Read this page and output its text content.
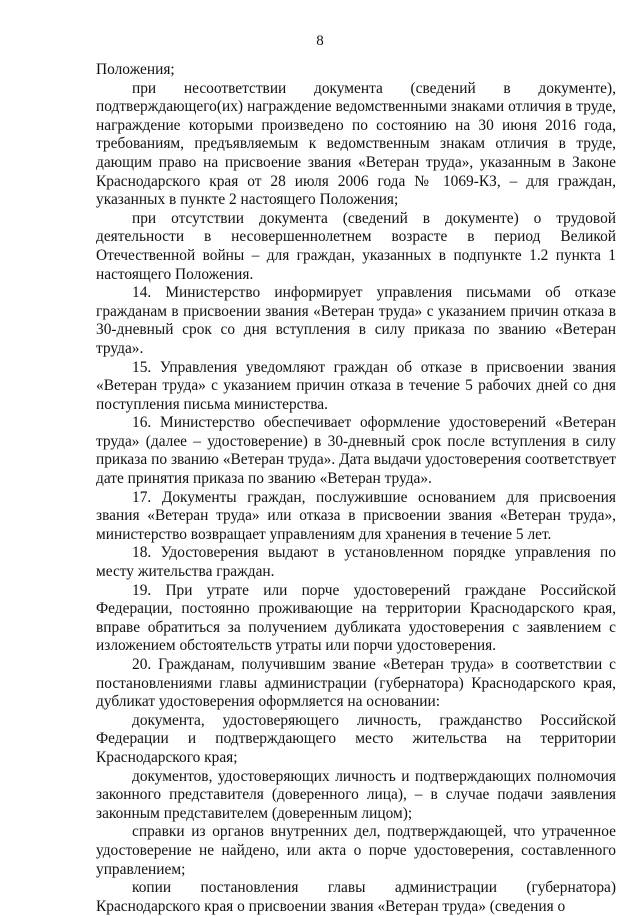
8

Положения;

при несоответствии документа (сведений в документе), подтверждающего(их) награждение ведомственными знаками отличия в труде, награждение которыми произведено по состоянию на 30 июня 2016 года, требованиям, предъявляемым к ведомственным знакам отличия в труде, дающим право на присвоение звания «Ветеран труда», указанным в Законе Краснодарского края от 28 июля 2006 года № 1069-КЗ, – для граждан, указанных в пункте 2 настоящего Положения;

при отсутствии документа (сведений в документе) о трудовой деятельности в несовершеннолетнем возрасте в период Великой Отечественной войны – для граждан, указанных в подпункте 1.2 пункта 1 настоящего Положения.

14. Министерство информирует управления письмами об отказе гражданам в присвоении звания «Ветеран труда» с указанием причин отказа в 30-дневный срок со дня вступления в силу приказа по званию «Ветеран труда».

15. Управления уведомляют граждан об отказе в присвоении звания «Ветеран труда» с указанием причин отказа в течение 5 рабочих дней со дня поступления письма министерства.

16. Министерство обеспечивает оформление удостоверений «Ветеран труда» (далее – удостоверение) в 30-дневный срок после вступления в силу приказа по званию «Ветеран труда». Дата выдачи удостоверения соответствует дате принятия приказа по званию «Ветеран труда».

17. Документы граждан, послужившие основанием для присвоения звания «Ветеран труда» или отказа в присвоении звания «Ветеран труда», министерство возвращает управлениям для хранения в течение 5 лет.

18. Удостоверения выдают в установленном порядке управления по месту жительства граждан.

19. При утрате или порче удостоверений граждане Российской Федерации, постоянно проживающие на территории Краснодарского края, вправе обратиться за получением дубликата удостоверения с заявлением с изложением обстоятельств утраты или порчи удостоверения.

20. Гражданам, получившим звание «Ветеран труда» в соответствии с постановлениями главы администрации (губернатора) Краснодарского края, дубликат удостоверения оформляется на основании:

документа, удостоверяющего личность, гражданство Российской Федерации и подтверждающего место жительства на территории Краснодарского края;

документов, удостоверяющих личность и подтверждающих полномочия законного представителя (доверенного лица), – в случае подачи заявления законным представителем (доверенным лицом);

справки из органов внутренних дел, подтверждающей, что утраченное удостоверение не найдено, или акта о порче удостоверения, составленного управлением;

копии постановления главы администрации (губернатора) Краснодарского края о присвоении звания «Ветеран труда» (сведения о
